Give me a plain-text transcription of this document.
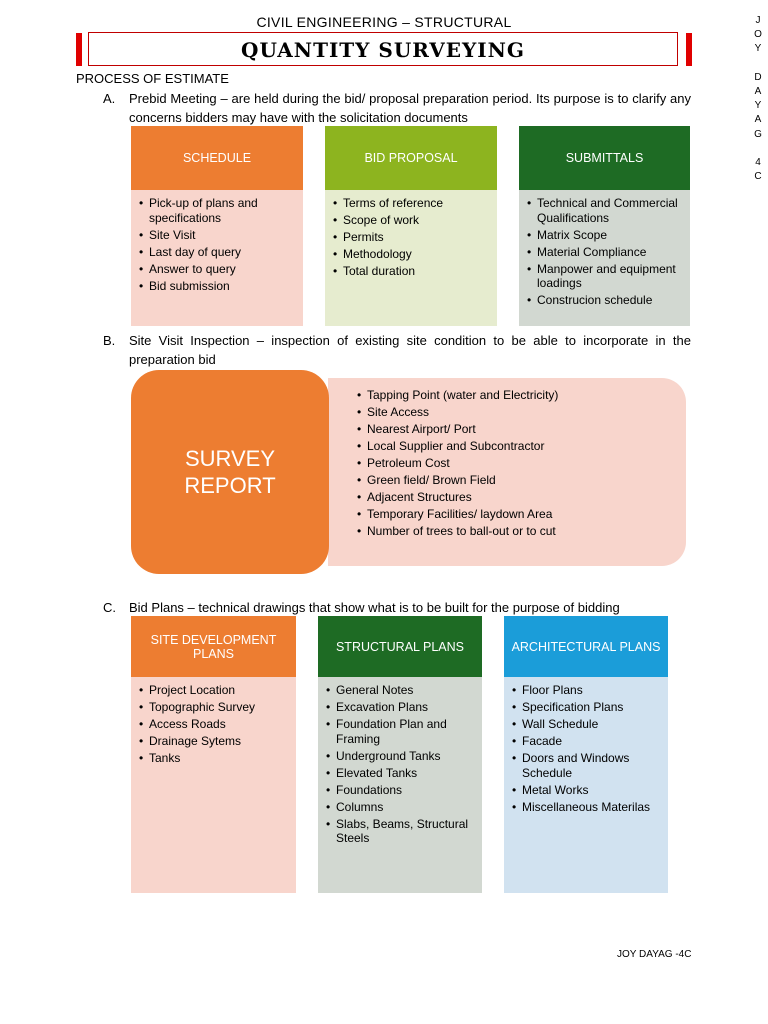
CIVIL ENGINEERING – STRUCTURAL
QUANTITY SURVEYING
J
O
Y
D
A
Y
A
G
4
C
PROCESS OF ESTIMATE
A. Prebid Meeting – are held during the bid/ proposal preparation period. Its purpose is to clarify any concerns bidders may have with the solicitation documents
SCHEDULE
• Pick-up of plans and specifications
• Site Visit
• Last day of query
• Answer to query
• Bid submission
BID PROPOSAL
• Terms of reference
• Scope of work
• Permits
• Methodology
• Total duration
SUBMITTALS
• Technical and Commercial Qualifications
• Matrix Scope
• Material Compliance
• Manpower and equipment loadings
• Construcion schedule
B. Site Visit Inspection – inspection of existing site condition to be able to incorporate in the preparation bid
• Tapping Point (water and Electricity)
• Site Access
• Nearest Airport/ Port
• Local Supplier and Subcontractor
• Petroleum Cost
• Green field/ Brown Field
• Adjacent Structures
• Temporary Facilities/ laydown Area
• Number of trees to ball-out or to cut
SURVEY
REPORT
C. Bid Plans – technical drawings that show what is to be built for the purpose of bidding
SITE DEVELOPMENT PLANS
• Project Location
• Topographic Survey
• Access Roads
• Drainage Sytems
• Tanks
STRUCTURAL PLANS
• General Notes
• Excavation Plans
• Foundation Plan and Framing
• Underground Tanks
• Elevated Tanks
• Foundations
• Columns
• Slabs, Beams, Structural Steels
ARCHITECTURAL PLANS
• Floor Plans
• Specification Plans
• Wall Schedule
• Facade
• Doors and Windows Schedule
• Metal Works
• Miscellaneous Materilas
JOY DAYAG -4C
